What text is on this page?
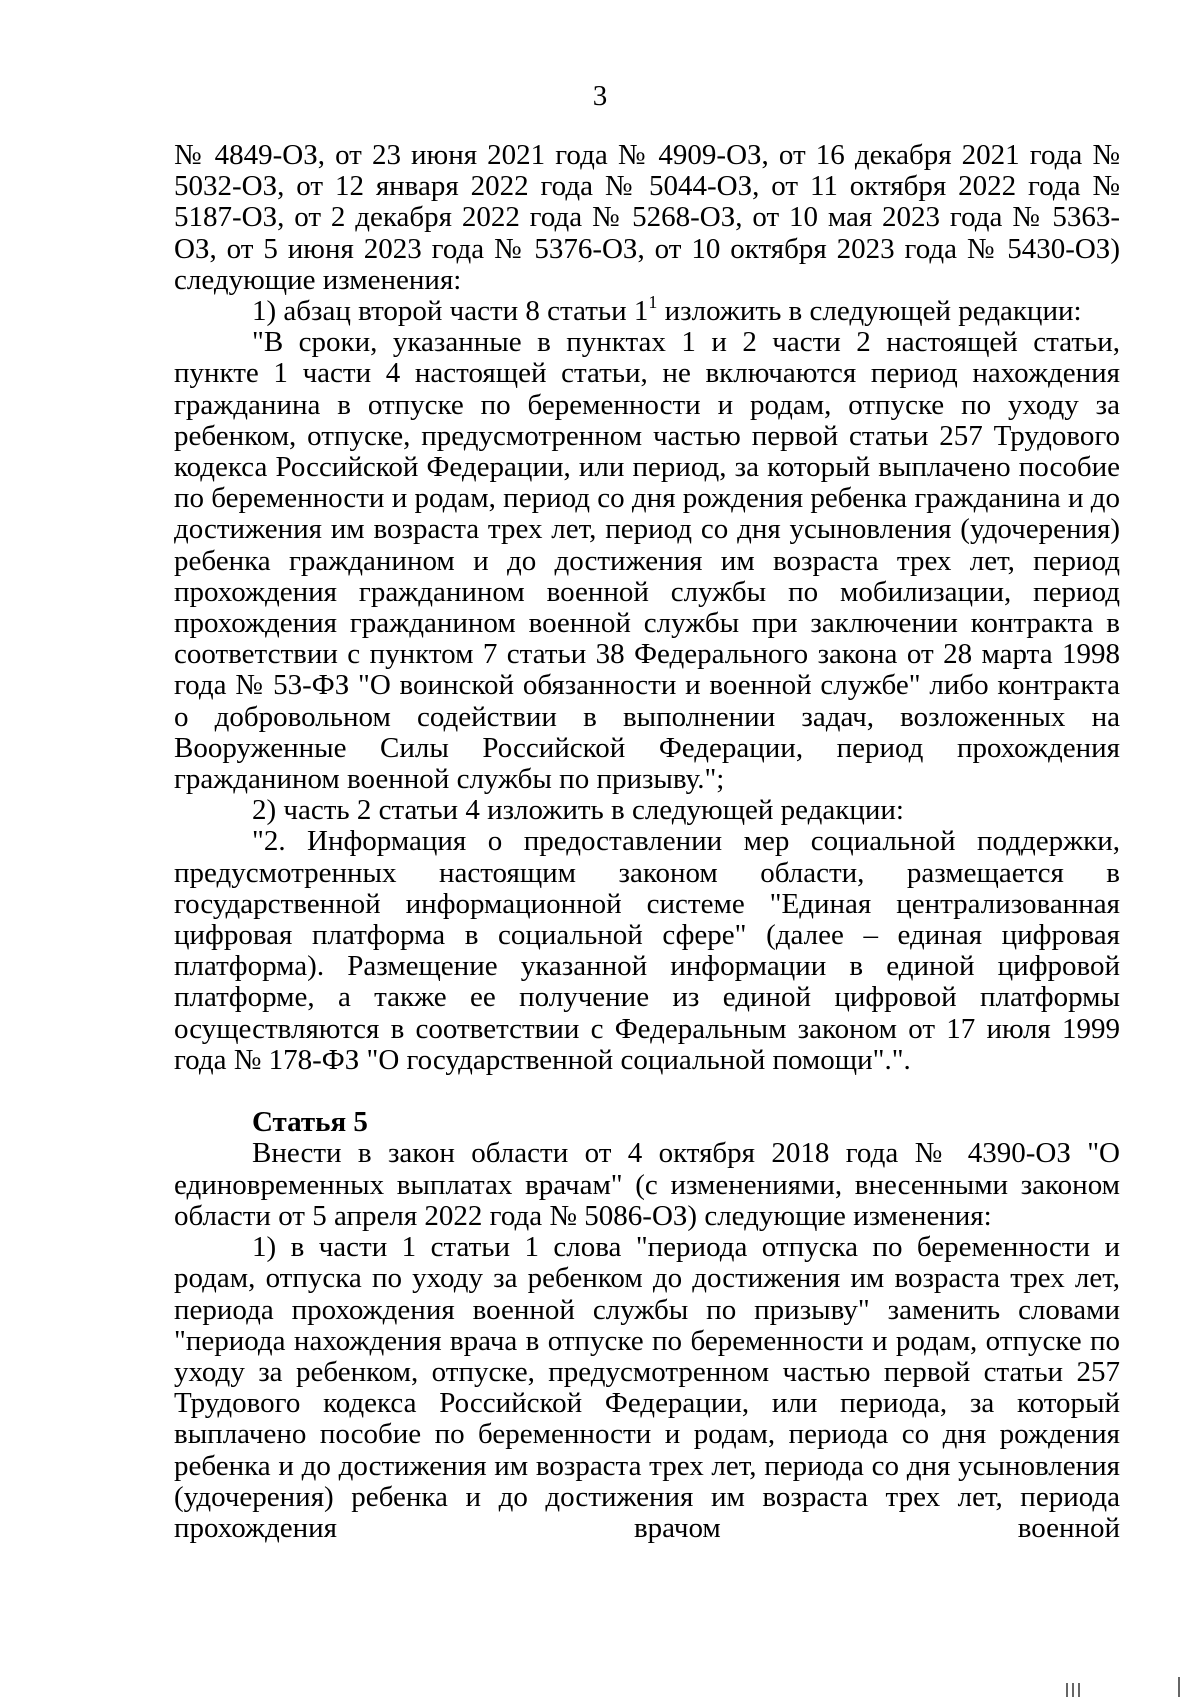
3

№ 4849-ОЗ, от 23 июня 2021 года № 4909-ОЗ, от 16 декабря 2021 года № 5032-ОЗ, от 12 января 2022 года № 5044-ОЗ, от 11 октября 2022 года № 5187-ОЗ, от 2 декабря 2022 года № 5268-ОЗ, от 10 мая 2023 года № 5363-ОЗ, от 5 июня 2023 года № 5376-ОЗ, от 10 октября 2023 года № 5430-ОЗ) следующие изменения:

1) абзац второй части 8 статьи $1^1$ изложить в следующей редакции:

"В сроки, указанные в пунктах 1 и 2 части 2 настоящей статьи, пункте 1 части 4 настоящей статьи, не включаются период нахождения гражданина в отпуске по беременности и родам, отпуске по уходу за ребенком, отпуске, предусмотренном частью первой статьи 257 Трудового кодекса Российской Федерации, или период, за который выплачено пособие по беременности и родам, период со дня рождения ребенка гражданина и до достижения им возраста трех лет, период со дня усыновления (удочерения) ребенка гражданином и до достижения им возраста трех лет, период прохождения гражданином военной службы по мобилизации, период прохождения гражданином военной службы при заключении контракта в соответствии с пунктом 7 статьи 38 Федерального закона от 28 марта 1998 года № 53-ФЗ "О воинской обязанности и военной службе" либо контракта о добровольном содействии в выполнении задач, возложенных на Вооруженные Силы Российской Федерации, период прохождения гражданином военной службы по призыву.";

2) часть 2 статьи 4 изложить в следующей редакции:

"2. Информация о предоставлении мер социальной поддержки, предусмотренных настоящим законом области, размещается в государственной информационной системе "Единая централизованная цифровая платформа в социальной сфере" (далее – единая цифровая платформа). Размещение указанной информации в единой цифровой платформе, а также ее получение из единой цифровой платформы осуществляются в соответствии с Федеральным законом от 17 июля 1999 года № 178-ФЗ "О государственной социальной помощи".".

Статья 5

Внести в закон области от 4 октября 2018 года № 4390-ОЗ "О единовременных выплатах врачам" (с изменениями, внесенными законом области от 5 апреля 2022 года № 5086-ОЗ) следующие изменения:

1) в части 1 статьи 1 слова "периода отпуска по беременности и родам, отпуска по уходу за ребенком до достижения им возраста трех лет, периода прохождения военной службы по призыву" заменить словами "периода нахождения врача в отпуске по беременности и родам, отпуске по уходу за ребенком, отпуске, предусмотренном частью первой статьи 257 Трудового кодекса Российской Федерации, или периода, за который выплачено пособие по беременности и родам, периода со дня рождения ребенка и до достижения им возраста трех лет, периода со дня усыновления (удочерения) ребенка и до достижения им возраста трех лет, периода прохождения врачом военной
